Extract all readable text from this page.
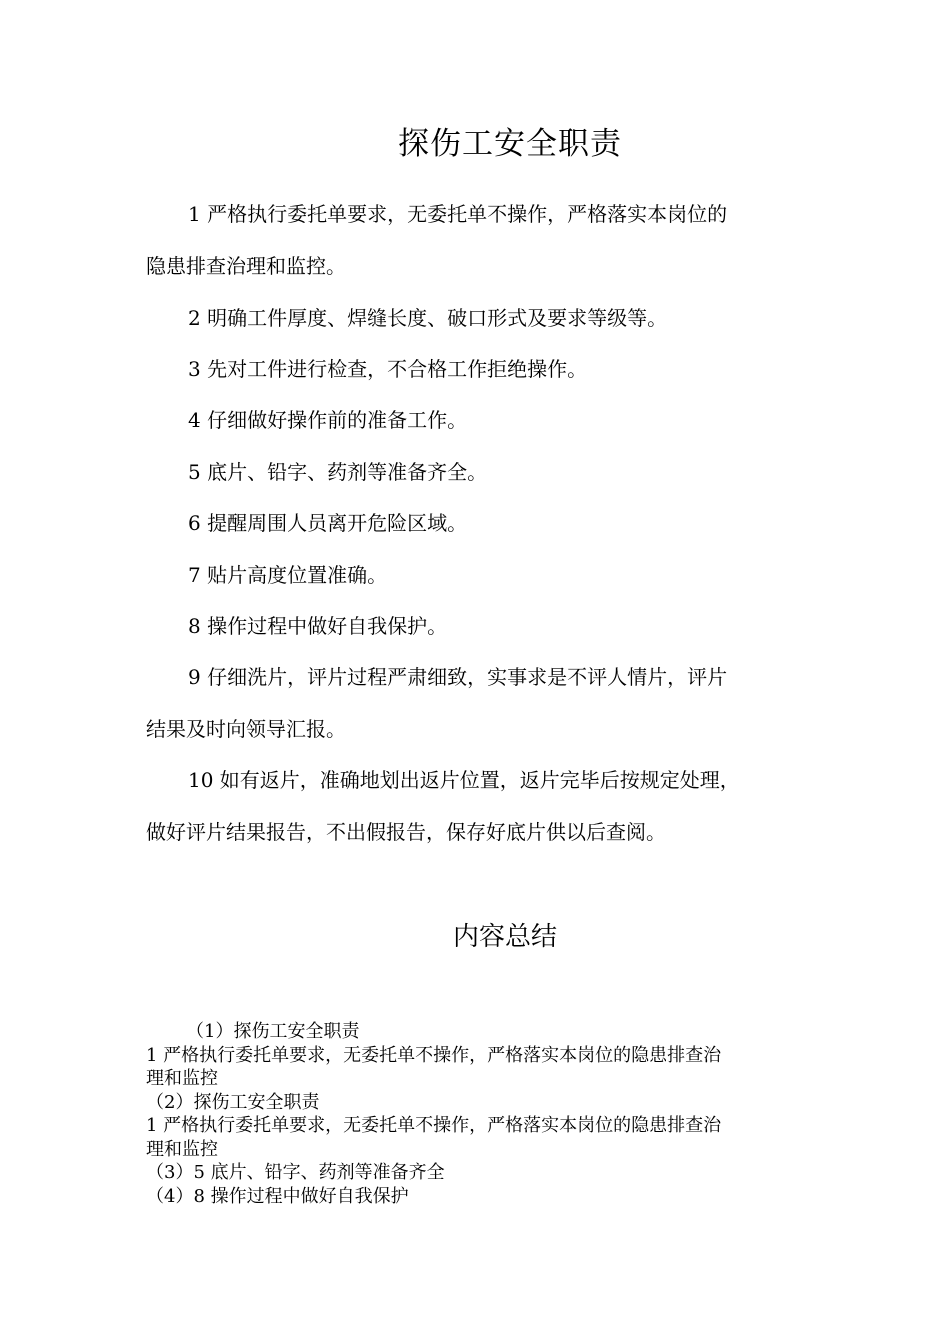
探伤工安全职责

1 严格执行委托单要求，无委托单不操作，严格落实本岗位的
隐患排查治理和监控。

2 明确工件厚度、焊缝长度、破口形式及要求等级等。

3 先对工件进行检查，不合格工作拒绝操作。

4 仔细做好操作前的准备工作。

5 底片、铅字、药剂等准备齐全。

6 提醒周围人员离开危险区域。

7 贴片高度位置准确。

8 操作过程中做好自我保护。

9 仔细洗片，评片过程严肃细致，实事求是不评人情片，评片
结果及时向领导汇报。

10 如有返片，准确地划出返片位置，返片完毕后按规定处理，
做好评片结果报告，不出假报告，保存好底片供以后查阅。

内容总结
（1）探伤工安全职责
1 严格执行委托单要求，无委托单不操作，严格落实本岗位的隐患排查治
理和监控
（2）探伤工安全职责
1 严格执行委托单要求，无委托单不操作，严格落实本岗位的隐患排查治
理和监控
（3）5 底片、铅字、药剂等准备齐全
（4）8 操作过程中做好自我保护
